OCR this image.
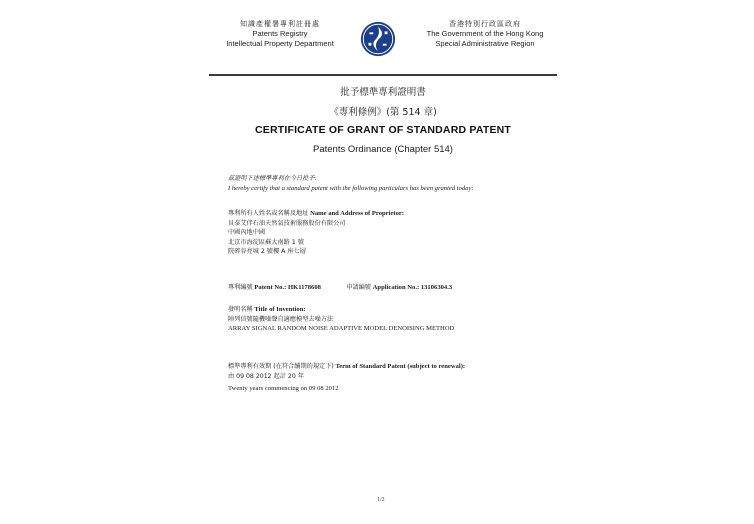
知識產權署專利註冊處
Patents Registry
Intellectual Property Department
香港特別行政區政府
The Government of the Hong Kong
Special Administrative Region
批予標準專利證明書
《專利條例》(第 514 章)
CERTIFICATE OF GRANT OF STANDARD PATENT
Patents Ordinance (Chapter 514)
茲證明下述標準專利在今日批予:
I hereby certify that a standard patent with the following particulars has been granted today:
專利所有人姓名或名稱及地址 Name and Address of Proprietor:
貝泰艾伴石油天然氣技術服務股份有限公司
中國內地中國
北京市海淀區蘇大南路 1 號
院碎谷亮城 2 號樓 A 座七層
專利編號 Patent No.: HK1178608	申請編號 Application No.: 13106304.3
發明名稱 Title of Invention:
陣列信號隨機噪聲自適應模型去噪方法
ARRAY SIGNAL RANDOM NOISE ADAPTIVE MODEL DENOISING METHOD
標準專利有效期 (在符合續期的規定下) Term of Standard Patent (subject to renewal):
由 09 08 2012 起計 20 年
Twenty years commencing on 09 08 2012
1/2
